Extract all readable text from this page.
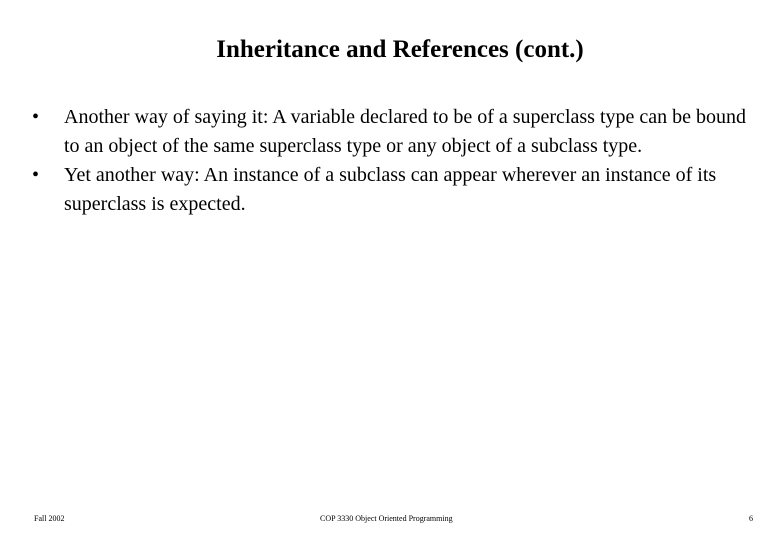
Inheritance and References (cont.)
•	Another way of saying it: A variable declared to be of a superclass type can be bound to an object of the same superclass type or any object of a subclass type.
•	Yet another way: An instance of a subclass can appear wherever an instance of its superclass is expected.
Fall 2002	COP 3330 Object Oriented Programming	6
